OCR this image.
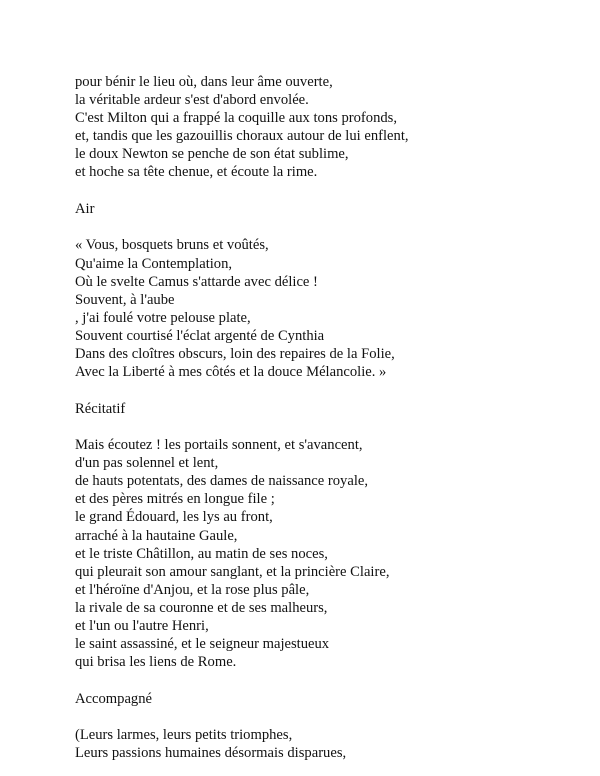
pour bénir le lieu où, dans leur âme ouverte,
la véritable ardeur s'est d'abord envolée.
C'est Milton qui a frappé la coquille aux tons profonds,
et, tandis que les gazouillis choraux autour de lui enflent,
le doux Newton se penche de son état sublime,
et hoche sa tête chenue, et écoute la rime.
Air
« Vous, bosquets bruns et voûtés,
Qu'aime la Contemplation,
Où le svelte Camus s'attarde avec délice !
Souvent, à l'aube
, j'ai foulé votre pelouse plate,
Souvent courtisé l'éclat argenté de Cynthia
Dans des cloîtres obscurs, loin des repaires de la Folie,
Avec la Liberté à mes côtés et la douce Mélancolie. »
Récitatif
Mais écoutez ! les portails sonnent, et s'avancent,
d'un pas solennel et lent,
de hauts potentats, des dames de naissance royale,
et des pères mitrés en longue file ;
le grand Édouard, les lys au front,
arraché à la hautaine Gaule,
et le triste Châtillon, au matin de ses noces,
qui pleurait son amour sanglant, et la princière Claire,
et l'héroïne d'Anjou, et la rose plus pâle,
la rivale de sa couronne et de ses malheurs,
et l'un ou l'autre Henri,
le saint assassiné, et le seigneur majestueux
qui brisa les liens de Rome.
Accompagné
(Leurs larmes, leurs petits triomphes,
Leurs passions humaines désormais disparues,
